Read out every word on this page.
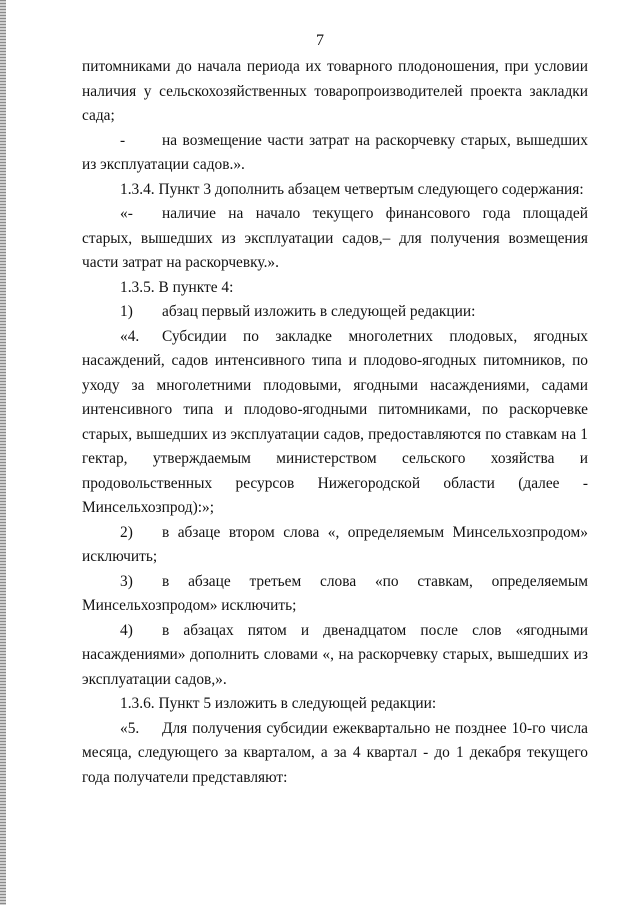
7

питомниками до начала периода их товарного плодоношения, при условии наличия у сельскохозяйственных товаропроизводителей проекта закладки сада;

- на возмещение части затрат на раскорчевку старых, вышедших из эксплуатации садов.».

1.3.4. Пункт 3 дополнить абзацем четвертым следующего содержания:

«- наличие на начало текущего финансового года площадей старых, вышедших из эксплуатации садов,– для получения возмещения части затрат на раскорчевку.».

1.3.5. В пункте 4:

1) абзац первый изложить в следующей редакции:

«4. Субсидии по закладке многолетних плодовых, ягодных насаждений, садов интенсивного типа и плодово-ягодных питомников, по уходу за многолетними плодовыми, ягодными насаждениями, садами интенсивного типа и плодово-ягодными питомниками, по раскорчевке старых, вышедших из эксплуатации садов, предоставляются по ставкам на 1 гектар, утверждаемым министерством сельского хозяйства и продовольственных ресурсов Нижегородской области (далее - Минсельхозпрод):»;

2) в абзаце втором слова «, определяемым Минсельхозпродом» исключить;

3) в абзаце третьем слова «по ставкам, определяемым Минсельхозпродом» исключить;

4) в абзацах пятом и двенадцатом после слов «ягодными насаждениями» дополнить словами «, на раскорчевку старых, вышедших из эксплуатации садов,».

1.3.6. Пункт 5 изложить в следующей редакции:

«5. Для получения субсидии ежеквартально не позднее 10-го числа месяца, следующего за кварталом, а за 4 квартал - до 1 декабря текущего года получатели представляют:
